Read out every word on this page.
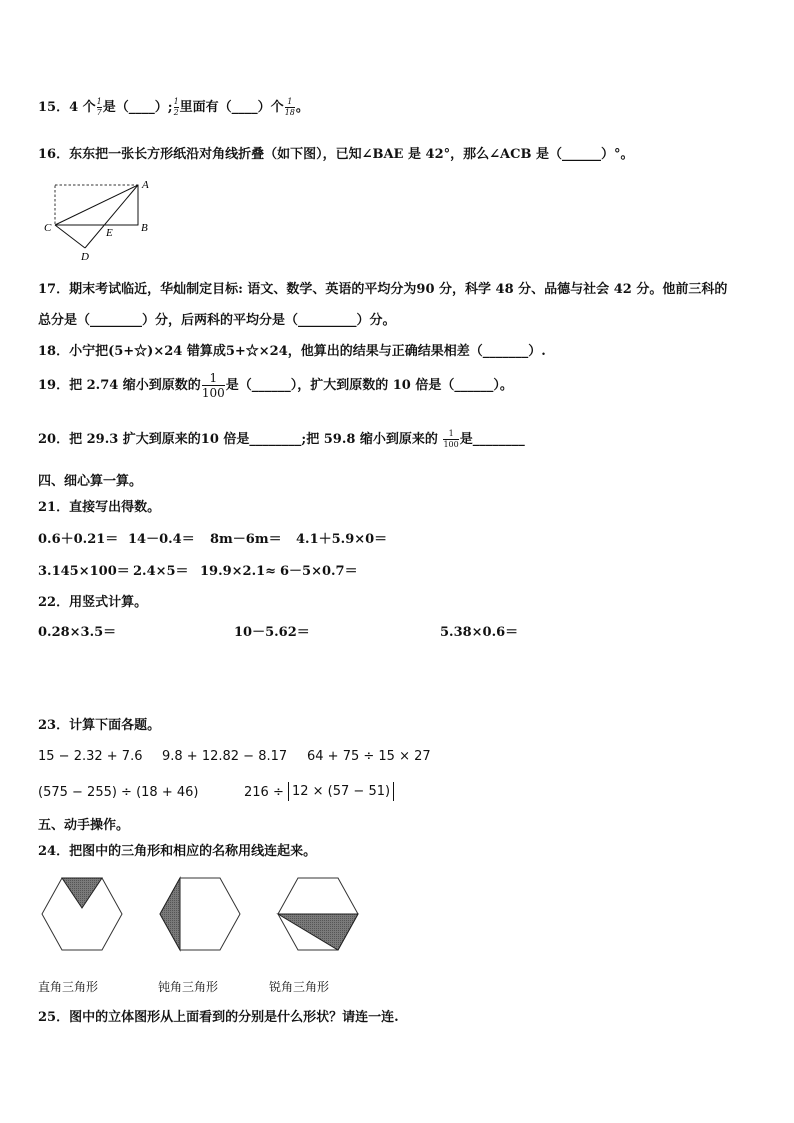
15．4 个 $\frac{1}{7}$ 是（____）; $\frac{1}{2}$ 里面有（____）个 $\frac{1}{18}$ 。
16．东东把一张长方形纸沿对角线折叠（如下图），已知∠BAE 是 42°，那么∠ACB 是（______）°。
A
B
C
D
E
17．期末考试临近，华灿制定目标: 语文、数学、英语的平均分为90 分，科学 48 分、品德与社会 42 分。他前三科的
总分是（________）分，后两科的平均分是（_________）分。
18．小宁把(5+☆)×24 错算成5+☆×24，他算出的结果与正确结果相差（_______）.
19．把 2.74 缩小到原数的 $\frac{1}{100}$ 是（______），扩大到原数的 10 倍是（______）。
20．把 29.3 扩大到原来的10 倍是________;把 59.8 缩小到原来的 $\frac{1}{100}$ 是________
四、细心算一算。
21．直接写出得数。
0.6＋0.21＝ 14－0.4＝ 8m－6m＝ 4.1＋5.9×0＝
3.145×100＝ 2.4×5＝ 19.9×2.1≈ 6－5×0.7＝
22．用竖式计算。
0.28×3.5＝	10－5.62＝	5.38×0.6＝
23．计算下面各题。
15 − 2.32 + 7.6 9.8 + 12.82 − 8.17 64 + 75 ÷ 15 × 27
(575 − 255) ÷ (18 + 46)	216 ÷ 12 × (57 − 51)
五、动手操作。
24．把图中的三角形和相应的名称用线连起来。
直角三角形	钝角三角形	锐角三角形
25．图中的立体图形从上面看到的分别是什么形状？请连一连.
